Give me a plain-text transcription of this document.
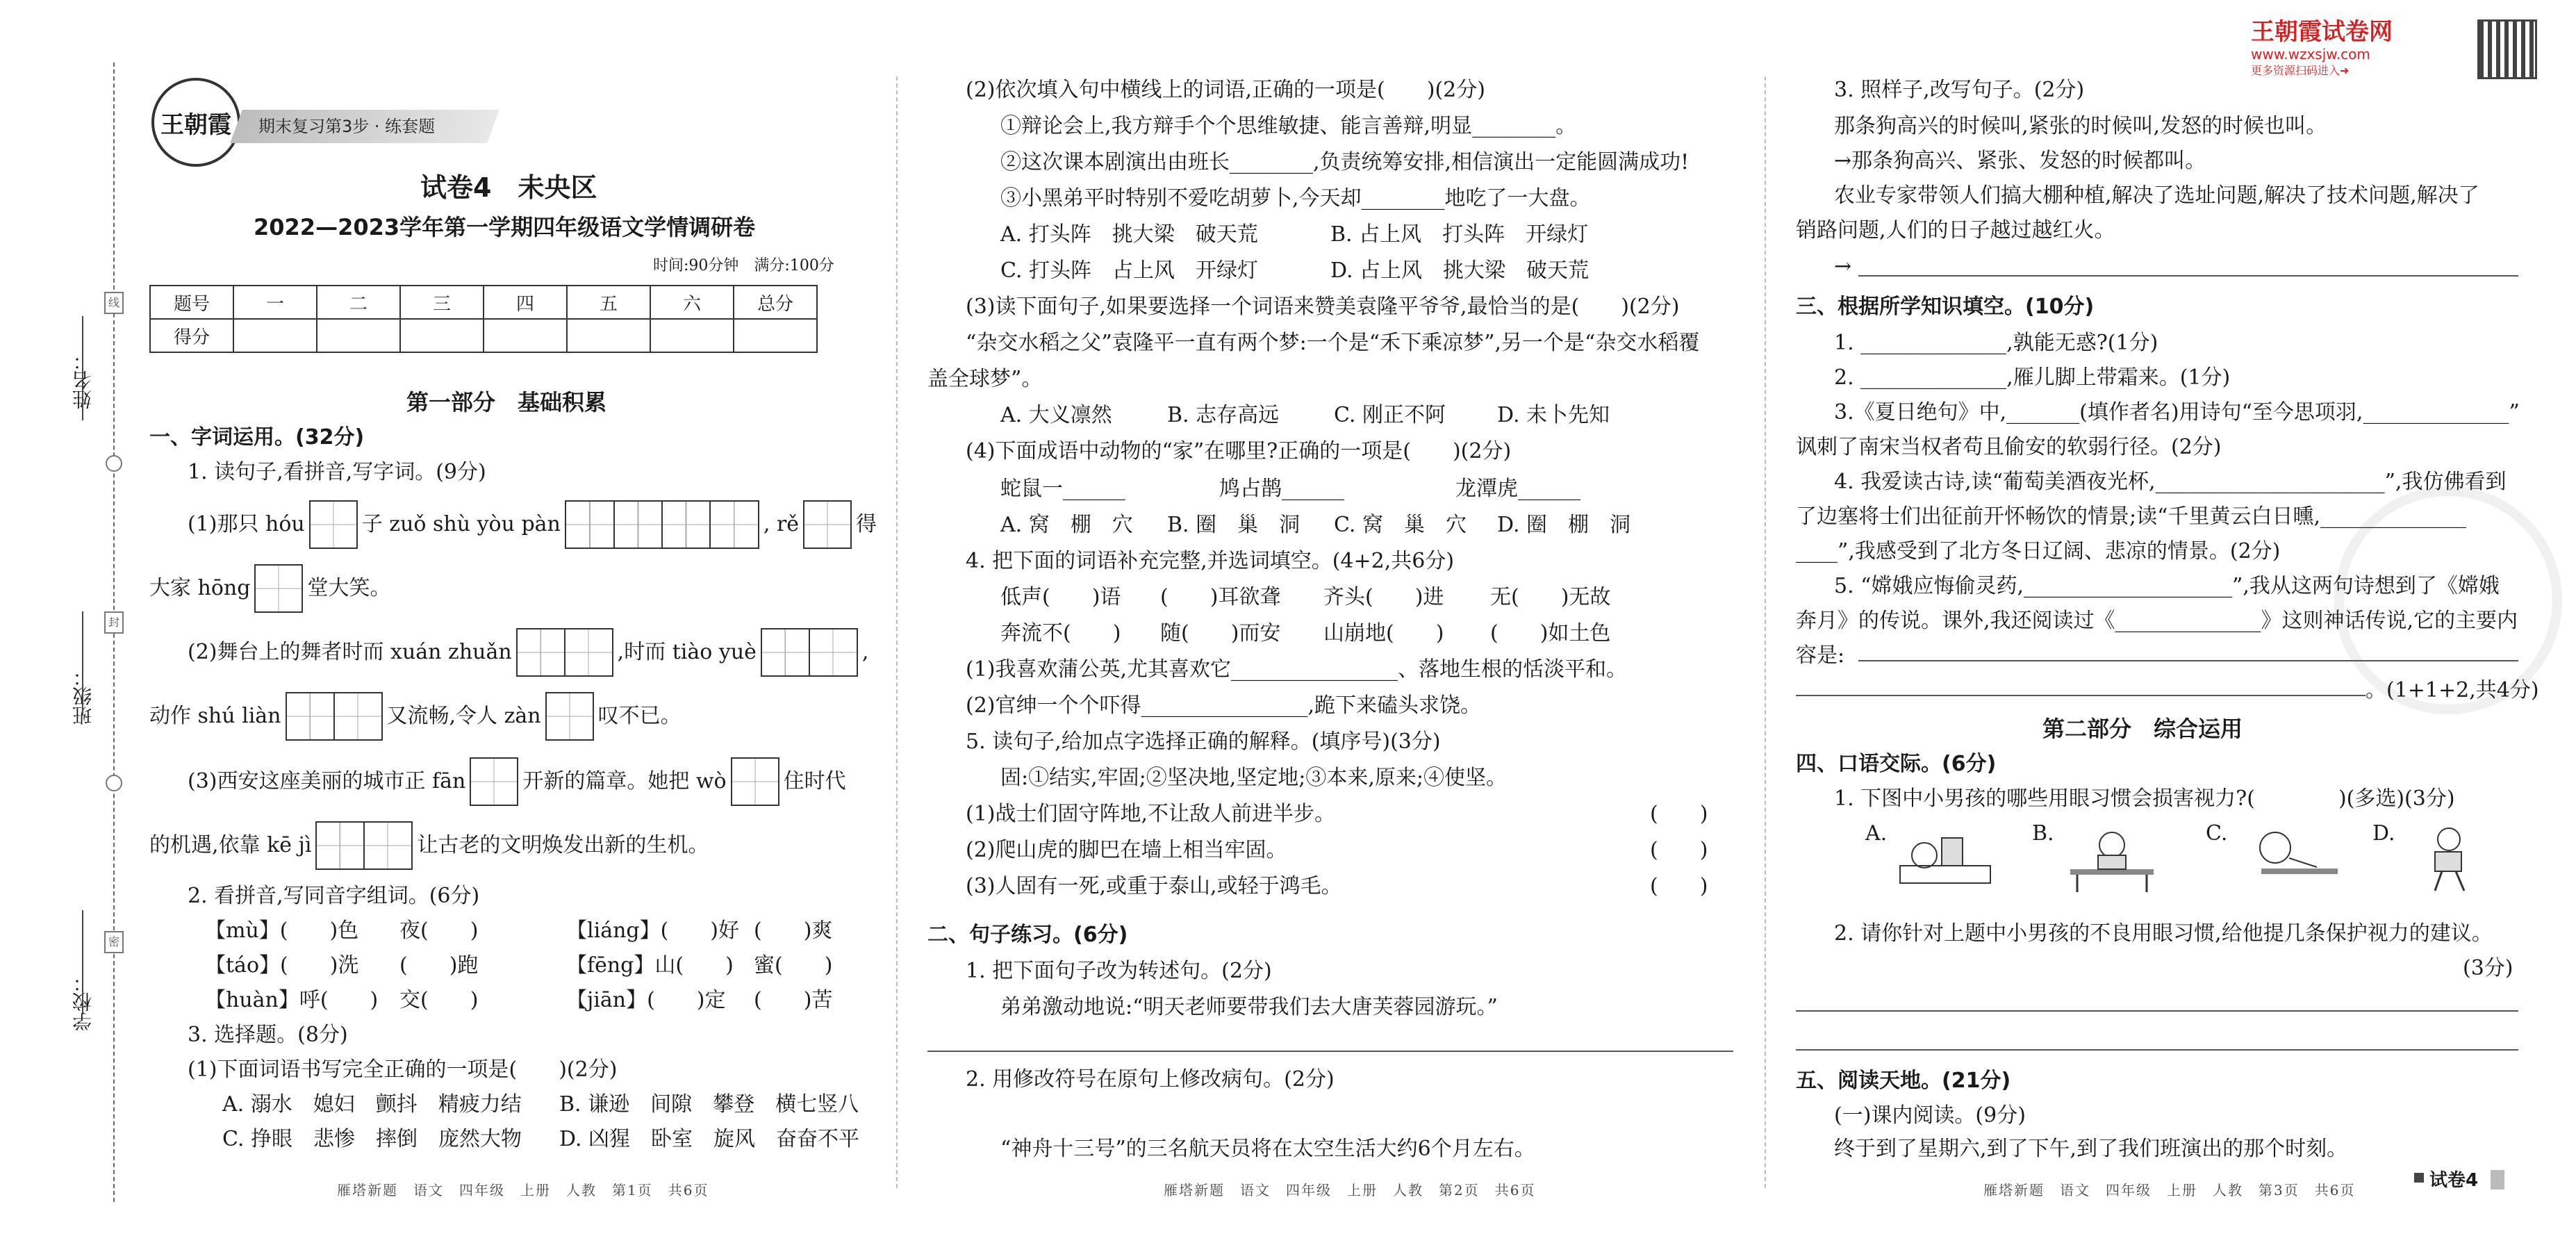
姓名：
班级：
学校：
线
封
密
王朝霞 期末复习第3步 · 练套题
王朝霞试卷网
www.wzxsjw.com
更多资源扫码进入➜
试卷4　未央区
2022—2023学年第一学期四年级语文学情调研卷
时间:90分钟　满分:100分
题号	一	二	三	四	五	六	总分
得分							
第一部分　基础积累
一、字词运用。(32分)
1. 读句子,看拼音,写字词。(9分)
(1)那只 hóu	子 zuǒ shù yòu pàn	, rě	得
大家 hōng	堂大笑。
(2)舞台上的舞者时而 xuán zhuǎn	,时而 tiào yuè	,
动作 shú liàn	又流畅,令人 zàn	叹不已。
(3)西安这座美丽的城市正 fān	开新的篇章。她把 wò	住时代
的机遇,依靠 kē jì	让古老的文明焕发出新的生机。
2. 看拼音,写同音字组词。(6分)
【mù】(　　)色 夜(　　)	【liáng】(　　)好 (　　)爽
【táo】(　　)洗 (　　)跑	【fēng】山(　　) 蜜(　　)
【huàn】呼(　　) 交(　　)	【jiān】(　　)定 (　　)苦
3. 选择题。(8分)
(1)下面词语书写完全正确的一项是(　　)(2分)
A. 溺水　媳妇　颤抖　精疲力结 B. 谦逊　间隙　攀登　横七竖八
C. 挣眼　悲惨　摔倒　庞然大物 D. 凶猩　卧室　旋风　奋奋不平
雁塔新题　语文　四年级　上册　人教　第1页　共6页
(2)依次填入句中横线上的词语,正确的一项是(　　)(2分)
①辩论会上,我方辩手个个思维敏捷、能言善辩,明显________。
②这次课本剧演出由班长________,负责统筹安排,相信演出一定能圆满成功!
③小黑弟平时特别不爱吃胡萝卜,今天却________地吃了一大盘。
A. 打头阵　挑大梁　破天荒	B. 占上风　打头阵　开绿灯
C. 打头阵　占上风　开绿灯	D. 占上风　挑大梁　破天荒
(3)读下面句子,如果要选择一个词语来赞美袁隆平爷爷,最恰当的是(　　)(2分)
“杂交水稻之父”袁隆平一直有两个梦:一个是“禾下乘凉梦”,另一个是“杂交水稻覆
盖全球梦”。
A. 大义凛然	B. 志存高远	C. 刚正不阿 D. 未卜先知
(4)下面成语中动物的“家”在哪里?正确的一项是(　　)(2分)
蛇鼠一______	鸠占鹊______	龙潭虎______
A. 窝　棚　穴 B. 圈　巢　洞 C. 窝　巢　穴 D. 圈　棚　洞
4. 把下面的词语补充完整,并选词填空。(4+2,共6分)
低声(　　)语 (　　)耳欲聋 齐头(　　)进 无(　　)无故
奔流不(　　) 随(　　)而安 山崩地(　　) (　　)如土色
(1)我喜欢蒲公英,尤其喜欢它________________、落地生根的恬淡平和。
(2)官绅一个个吓得________________,跪下来磕头求饶。
5. 读句子,给加点字选择正确的解释。(填序号)(3分)
固:①结实,牢固;②坚决地,坚定地;③本来,原来;④使坚。
(1)战士们固守阵地,不让敌人前进半步。	(　　)
(2)爬山虎的脚巴在墙上相当牢固。	(　　)
(3)人固有一死,或重于泰山,或轻于鸿毛。	(　　)
二、句子练习。(6分)
1. 把下面句子改为转述句。(2分)
弟弟激动地说:“明天老师要带我们去大唐芙蓉园游玩。”
2. 用修改符号在原句上修改病句。(2分)
“神舟十三号”的三名航天员将在太空生活大约6个月左右。
雁塔新题　语文　四年级　上册　人教　第2页　共6页
3. 照样子,改写句子。(2分)
那条狗高兴的时候叫,紧张的时候叫,发怒的时候也叫。
→那条狗高兴、紧张、发怒的时候都叫。
农业专家带领人们搞大棚种植,解决了选址问题,解决了技术问题,解决了
销路问题,人们的日子越过越红火。
→
三、根据所学知识填空。(10分)
1. ______________,孰能无惑?(1分)
2. ______________,雁儿脚上带霜来。(1分)
3.《夏日绝句》中,_______(填作者名)用诗句“至今思项羽,______________”
讽刺了南宋当权者苟且偷安的软弱行径。(2分)
4. 我爱读古诗,读“葡萄美酒夜光杯,______________________”,我仿佛看到
了边塞将士们出征前开怀畅饮的情景;读“千里黄云白日曛,______________
____”,我感受到了北方冬日辽阔、悲凉的情景。(2分)
5. “嫦娥应悔偷灵药,____________________”,我从这两句诗想到了《嫦娥
奔月》的传说。课外,我还阅读过《______________》这则神话传说,它的主要内
容是:
。(1+1+2,共4分)
第二部分　综合运用
四、口语交际。(6分)
1. 下图中小男孩的哪些用眼习惯会损害视力?(　　　　)(多选)(3分)
A.	B.	C.	D.
2. 请你针对上题中小男孩的不良用眼习惯,给他提几条保护视力的建议。
(3分)
五、阅读天地。(21分)
(一)课内阅读。(9分)
终于到了星期六,到了下午,到了我们班演出的那个时刻。
雁塔新题　语文　四年级　上册　人教　第3页　共6页	试卷4
